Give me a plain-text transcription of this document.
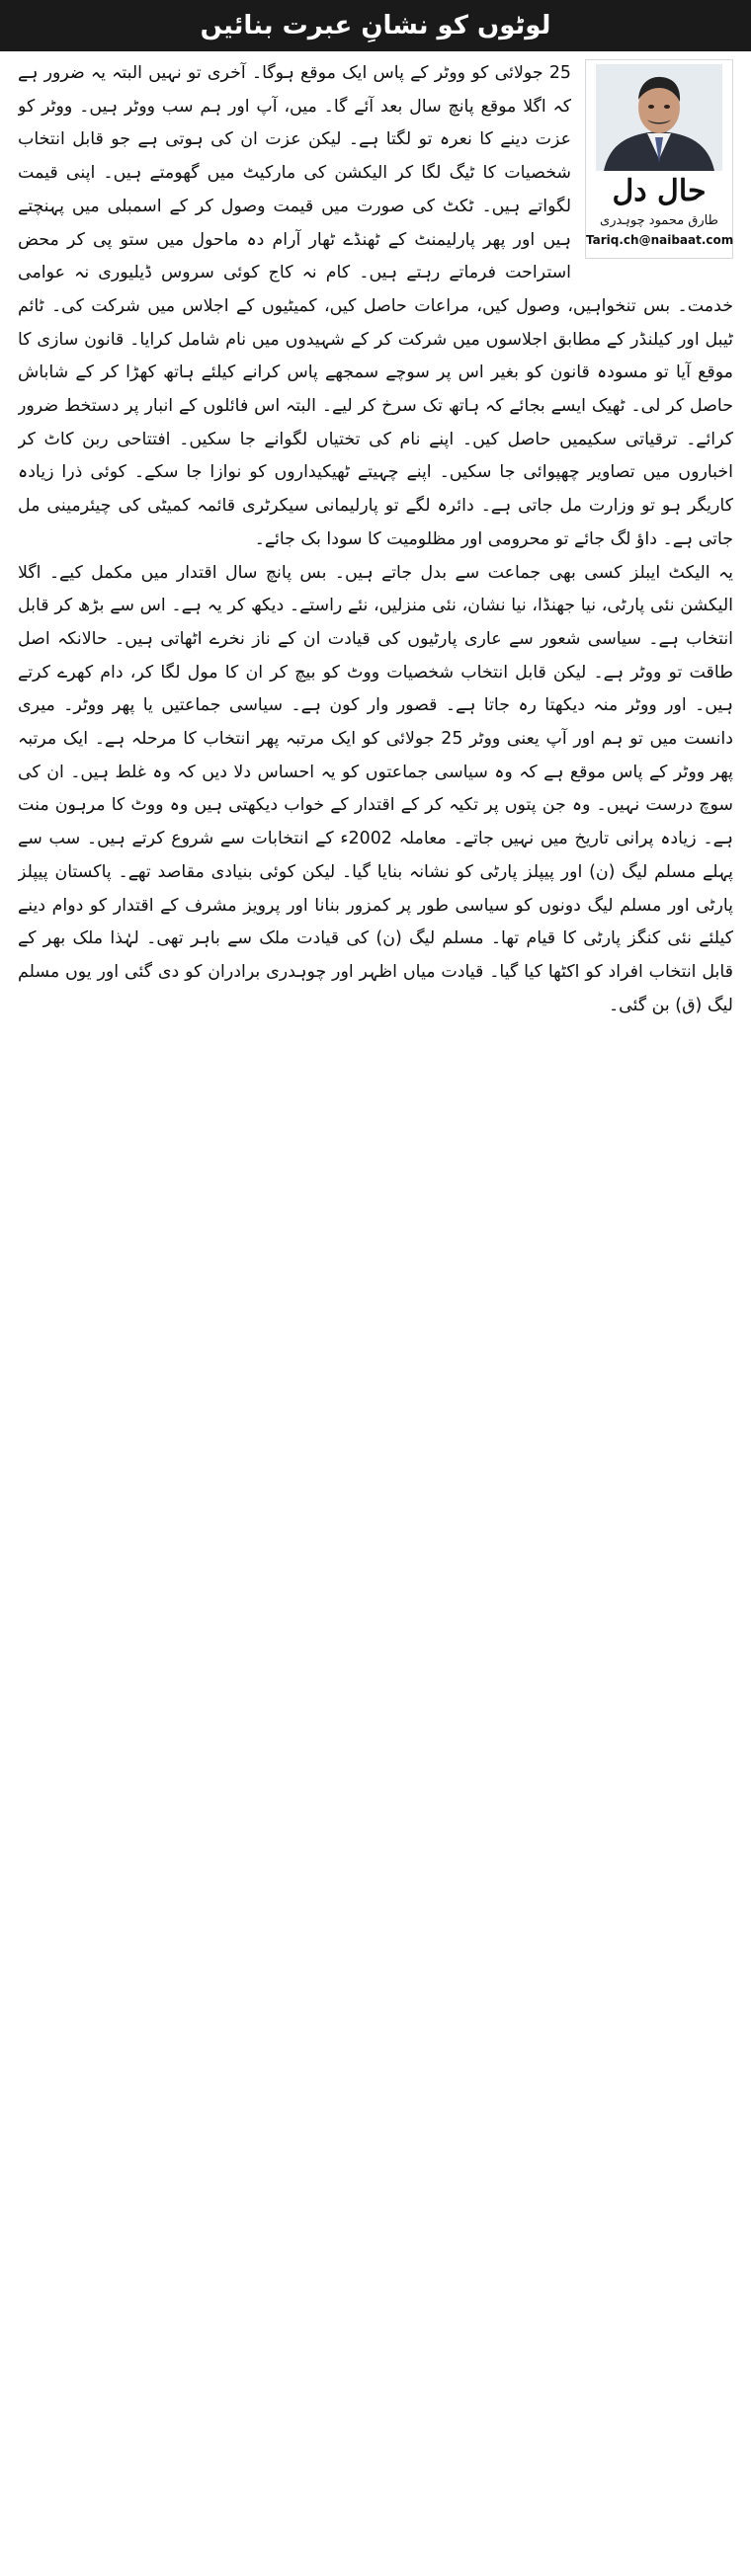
لوٹوں کو نشانِ عبرت بنائیں
حال دل
طارق محمود چوہدری
Tariq.ch@naibaat.com

25 جولائی کو ووٹر کے پاس ایک موقع ہوگا۔ آخری تو نہیں البتہ یہ ضرور ہے کہ اگلا موقع پانچ سال بعد آئے گا۔ میں، آپ اور ہم سب ووٹر ہیں۔ ووٹر کو عزت دینے کا نعرہ تو لگتا ہے۔ لیکن عزت ان کی ہوتی ہے جو قابل انتخاب شخصیات کا ٹیگ لگا کر الیکشن کی مارکیٹ میں گھومتے ہیں۔ اپنی قیمت لگواتے ہیں۔ ٹکٹ کی صورت میں قیمت وصول کر کے اسمبلی میں پہنچتے ہیں اور پھر پارلیمنٹ کے ٹھنڈے ٹھار آرام دہ ماحول میں ستو پی کر محض استراحت فرماتے رہتے ہیں۔ کام نہ کاج کوئی سروس ڈیلیوری نہ عوامی خدمت۔ بس تنخواہیں، وصول کیں، مراعات حاصل کیں، کمیٹیوں کے اجلاس میں شرکت کی۔ ٹائم ٹیبل اور کیلنڈر کے مطابق اجلاسوں میں شرکت کر کے شہیدوں میں نام شامل کرایا۔ قانون سازی کا موقع آیا تو مسودہ قانون کو بغیر اس پر سوچے سمجھے پاس کرانے کیلئے ہاتھ کھڑا کر کے شاباش حاصل کر لی۔ ٹھیک ایسے بجائے کہ ہاتھ تک سرخ کر لیے۔ البتہ اس فائلوں کے انبار پر دستخط ضرور کرائے۔ ترقیاتی سکیمیں حاصل کیں۔ اپنے نام کی تختیاں لگوانے جا سکیں۔ افتتاحی ربن کاٹ کر اخباروں میں تصاویر چھپوائی جا سکیں۔ اپنے چہیتے ٹھیکیداروں کو نوازا جا سکے۔ کوئی ذرا زیادہ کاریگر ہو تو وزارت مل جاتی ہے۔ دائرہ لگے تو پارلیمانی سیکرٹری قائمہ کمیٹی کی چیئرمینی مل جاتی ہے۔ داؤ لگ جائے تو محرومی اور مظلومیت کا سودا بک جائے۔

یہ الیکٹ ایبلز کسی بھی جماعت سے بدل جاتے ہیں۔ بس پانچ سال اقتدار میں مکمل کیے۔ اگلا الیکشن نئی پارٹی، نیا جھنڈا، نیا نشان، نئی منزلیں، نئے راستے۔ دیکھ کر یہ ہے۔ اس سے بڑھ کر قابل انتخاب ہے۔ سیاسی شعور سے عاری پارٹیوں کی قیادت ان کے ناز نخرے اٹھاتی ہیں۔ حالانکہ اصل طاقت تو ووٹر ہے۔ لیکن قابل انتخاب شخصیات ووٹ کو بیچ کر ان کا مول لگا کر، دام کھرے کرتے ہیں۔ اور ووٹر منہ دیکھتا رہ جاتا ہے۔ قصور وار کون ہے۔ سیاسی جماعتیں یا پھر ووٹر۔ میری دانست میں تو ہم اور آپ یعنی ووٹر 25 جولائی کو ایک مرتبہ پھر انتخاب کا مرحلہ ہے۔ ایک مرتبہ پھر ووٹر کے پاس موقع ہے کہ وہ سیاسی جماعتوں کو یہ احساس دلا دیں کہ وہ غلط ہیں۔ ان کی سوچ درست نہیں۔ وہ جن پتوں پر تکیہ کر کے اقتدار کے خواب دیکھتی ہیں وہ ووٹ کا مرہون منت ہے۔ زیادہ پرانی تاریخ میں نہیں جاتے۔ معاملہ 2002ء کے انتخابات سے شروع کرتے ہیں۔ سب سے پہلے مسلم لیگ (ن) اور پیپلز پارٹی کو نشانہ بنایا گیا۔ لیکن کوئی بنیادی مقاصد تھے۔ پاکستان پیپلز پارٹی اور مسلم لیگ دونوں کو سیاسی طور پر کمزور بنانا اور پرویز مشرف کے اقتدار کو دوام دینے کیلئے نئی کنگز پارٹی کا قیام تھا۔ مسلم لیگ (ن) کی قیادت ملک سے باہر تھی۔ لہٰذا ملک بھر کے قابل انتخاب افراد کو اکٹھا کیا گیا۔ قیادت میاں اظہر اور چوہدری برادران کو دی گئی اور یوں مسلم لیگ (ق) بن گئی۔
